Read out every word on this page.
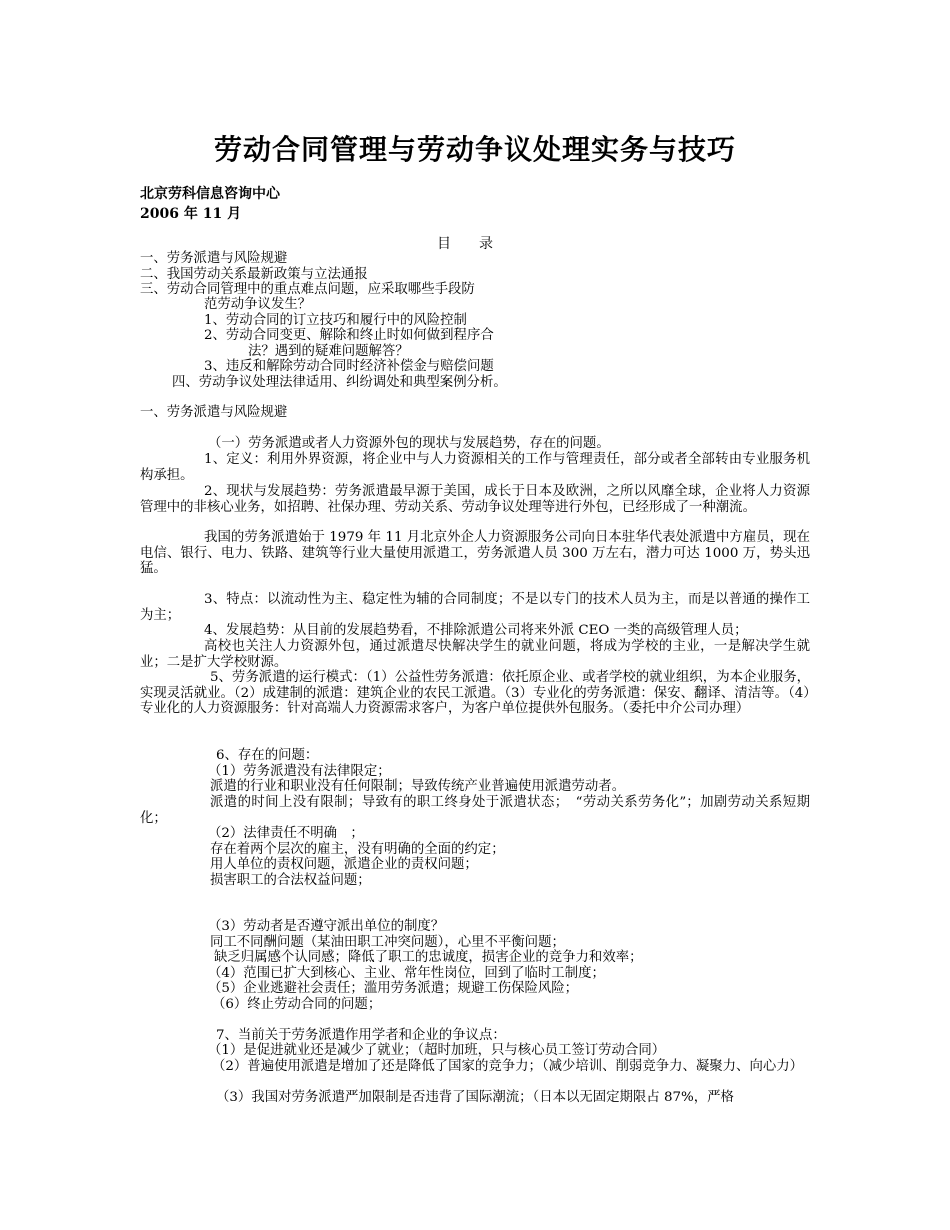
劳动合同管理与劳动争议处理实务与技巧
北京劳科信息咨询中心
2006 年 11 月
目　　录
一、劳务派遣与风险规避
二、我国劳动关系最新政策与立法通报
三、劳动合同管理中的重点难点问题，应采取哪些手段防
范劳动争议发生？
1、劳动合同的订立技巧和履行中的风险控制
2、劳动合同变更、解除和终止时如何做到程序合
法？遇到的疑难问题解答？
3、违反和解除劳动合同时经济补偿金与赔偿问题
四、劳动争议处理法律适用、纠纷调处和典型案例分析。
一、劳务派遣与风险规避
（一）劳务派遣或者人力资源外包的现状与发展趋势，存在的问题。
1、定义：利用外界资源，将企业中与人力资源相关的工作与管理责任，部分或者全部转由专业服务机构承担。
2、现状与发展趋势：劳务派遣最早源于美国，成长于日本及欧洲，之所以风靡全球，企业将人力资源管理中的非核心业务，如招聘、社保办理、劳动关系、劳动争议处理等进行外包，已经形成了一种潮流。
我国的劳务派遣始于 1979 年 11 月北京外企人力资源服务公司向日本驻华代表处派遣中方雇员，现在电信、银行、电力、铁路、建筑等行业大量使用派遣工，劳务派遣人员 300 万左右，潜力可达 1000 万，势头迅猛。
3、特点：以流动性为主、稳定性为辅的合同制度；不是以专门的技术人员为主，而是以普通的操作工为主；
4、发展趋势：从目前的发展趋势看，不排除派遣公司将来外派 CEO 一类的高级管理人员；
高校也关注人力资源外包，通过派遣尽快解决学生的就业问题，将成为学校的主业，一是解决学生就业；二是扩大学校财源。
5、劳务派遣的运行模式：（1）公益性劳务派遣：依托原企业、或者学校的就业组织，为本企业服务，实现灵活就业。（2）成建制的派遣：建筑企业的农民工派遣。（3）专业化的劳务派遣：保安、翻译、清洁等。（4）专业化的人力资源服务：针对高端人力资源需求客户，为客户单位提供外包服务。（委托中介公司办理）
6、存在的问题：
（1）劳务派遣没有法律限定；
派遣的行业和职业没有任何限制；导致传统产业普遍使用派遣劳动者。
派遣的时间上没有限制；导致有的职工终身处于派遣状态；　“劳动关系劳务化”；加剧劳动关系短期化；
（2）法律责任不明确　；
存在着两个层次的雇主，没有明确的全面的约定；
用人单位的责权问题，派遣企业的责权问题；
损害职工的合法权益问题；
（3）劳动者是否遵守派出单位的制度？
同工不同酬问题（某油田职工冲突问题），心里不平衡问题；
缺乏归属感个认同感；降低了职工的忠诚度，损害企业的竞争力和效率；
（4）范围已扩大到核心、主业、常年性岗位，回到了临时工制度；
（5）企业逃避社会责任；滥用劳务派遣；规避工伤保险风险；
（6）终止劳动合同的问题；
7、当前关于劳务派遣作用学者和企业的争议点：
（1）是促进就业还是减少了就业；（超时加班，只与核心员工签订劳动合同）
（2）普遍使用派遣是增加了还是降低了国家的竞争力；（减少培训、削弱竞争力、凝聚力、向心力）
（3）我国对劳务派遣严加限制是否违背了国际潮流；（日本以无固定期限占 87%，严格
